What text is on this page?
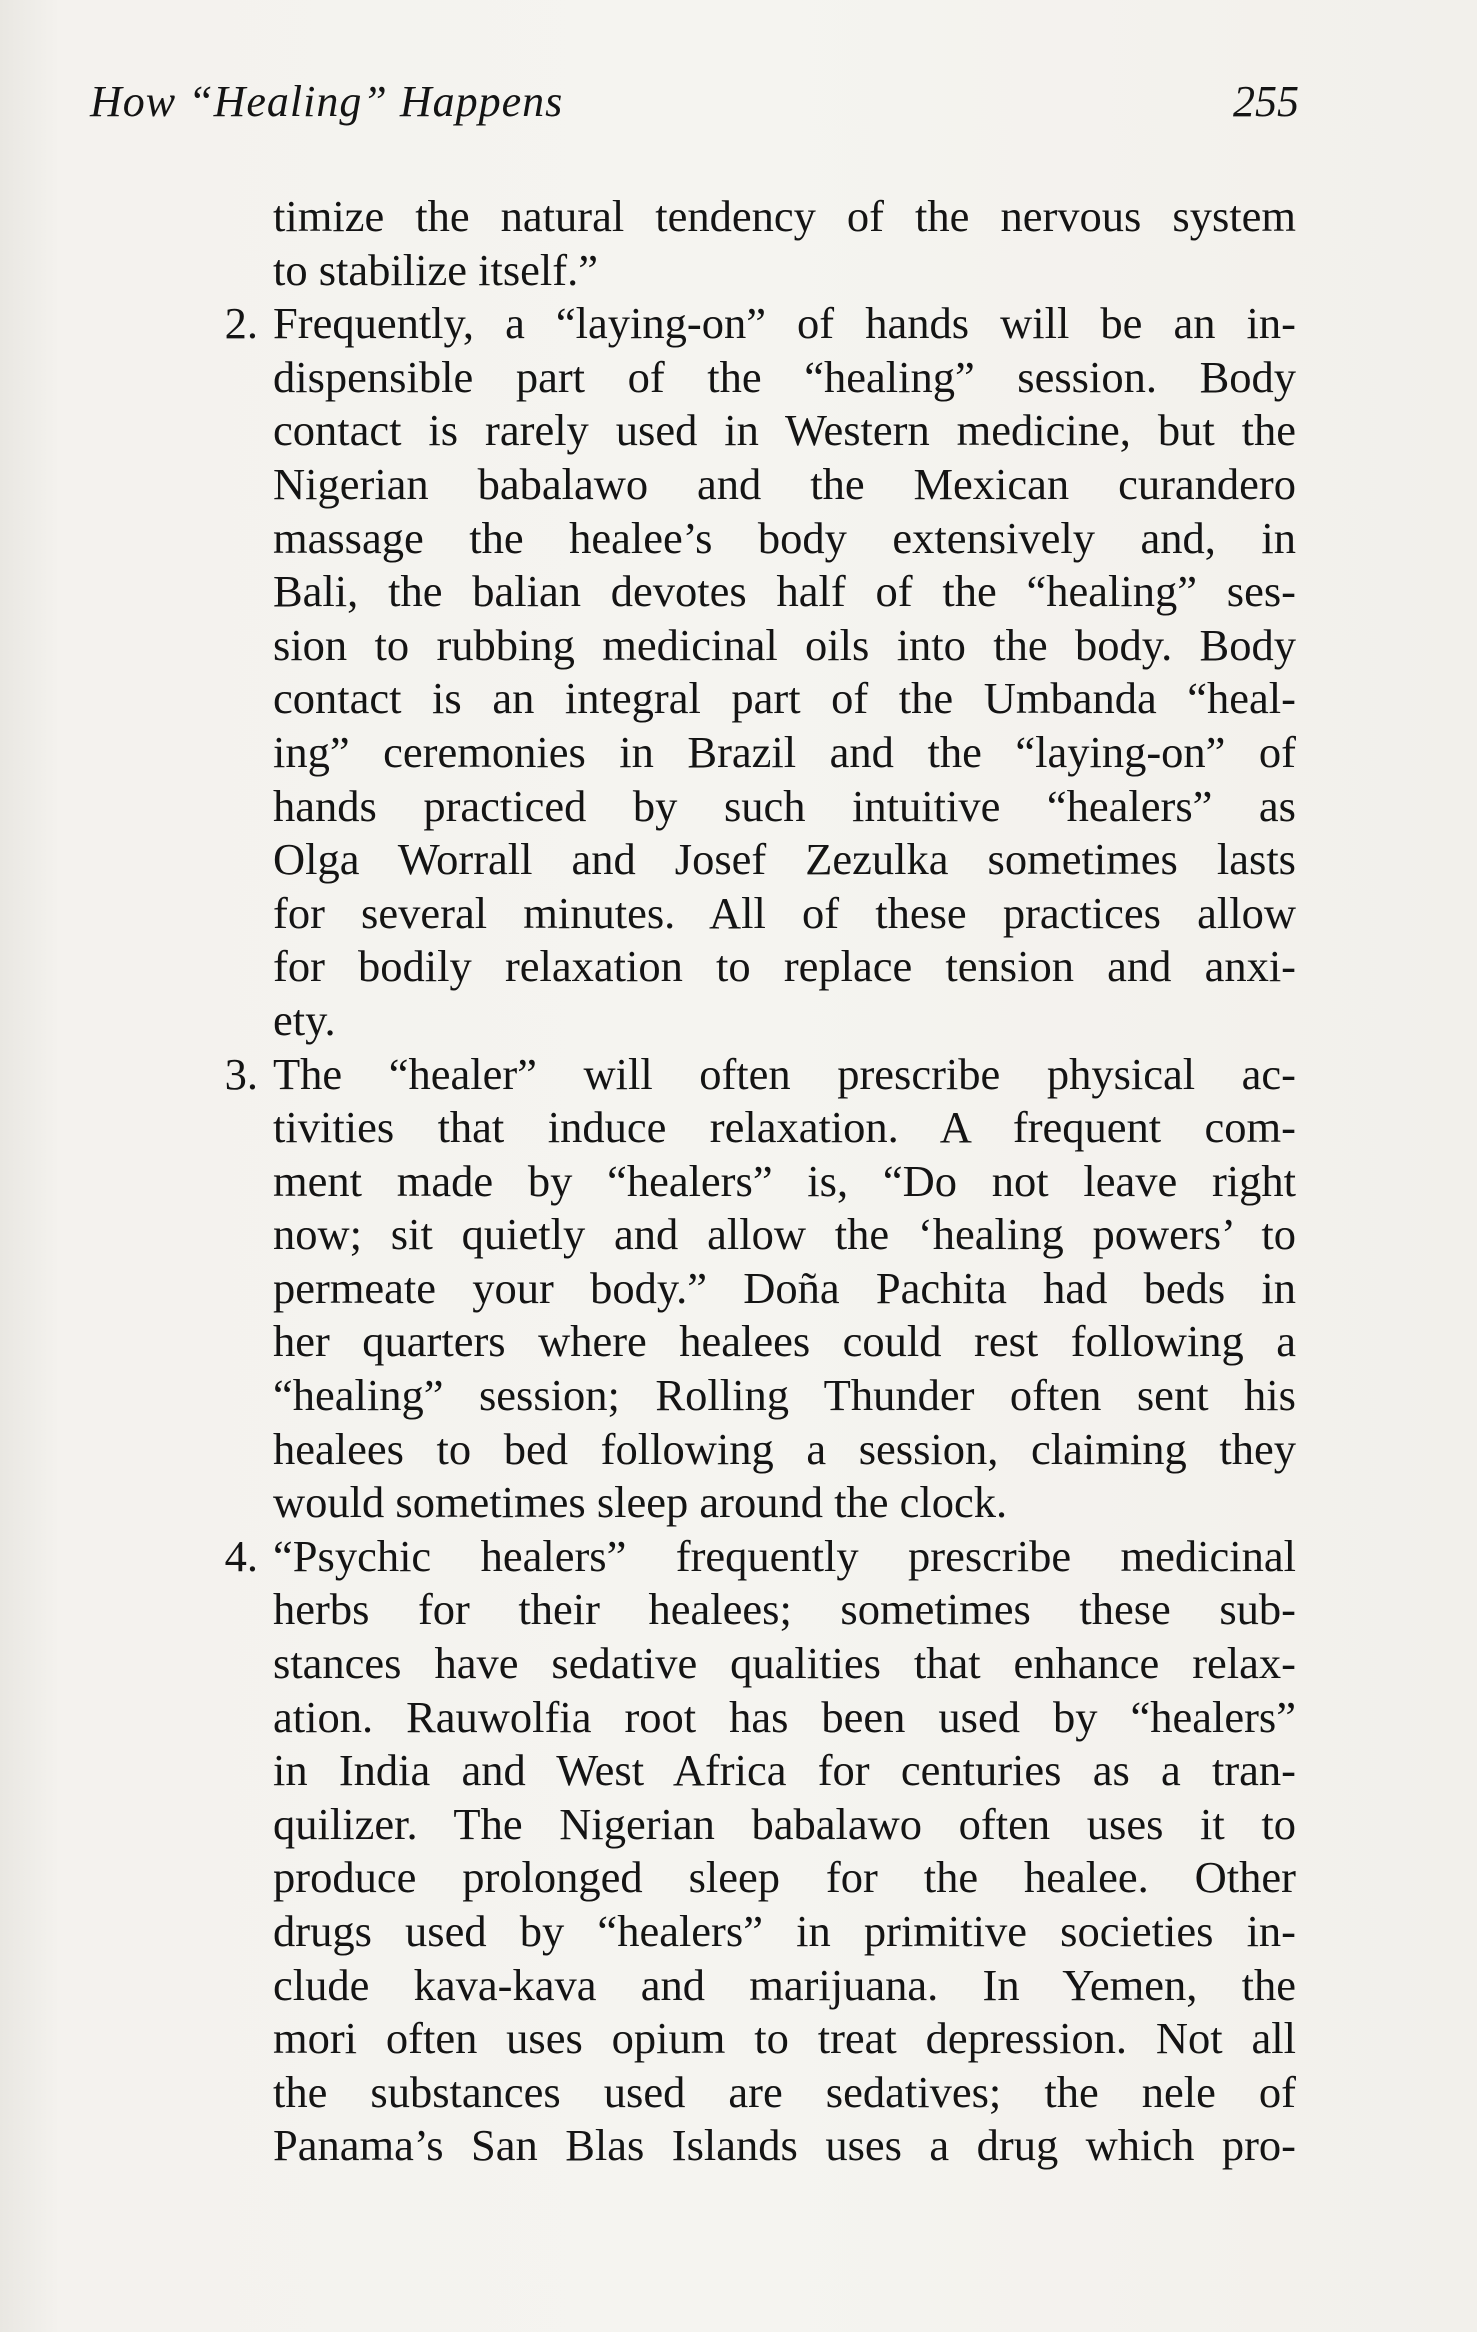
How “Healing” Happens	255
timize the natural tendency of the nervous system
to stabilize itself.”
2. Frequently, a “laying-on” of hands will be an in-
dispensible part of the “healing” session. Body
contact is rarely used in Western medicine, but the
Nigerian babalawo and the Mexican curandero
massage the healee’s body extensively and, in
Bali, the balian devotes half of the “healing” ses-
sion to rubbing medicinal oils into the body. Body
contact is an integral part of the Umbanda “heal-
ing” ceremonies in Brazil and the “laying-on” of
hands practiced by such intuitive “healers” as
Olga Worrall and Josef Zezulka sometimes lasts
for several minutes. All of these practices allow
for bodily relaxation to replace tension and anxi-
ety.
3. The “healer” will often prescribe physical ac-
tivities that induce relaxation. A frequent com-
ment made by “healers” is, “Do not leave right
now; sit quietly and allow the ‘healing powers’ to
permeate your body.” Doña Pachita had beds in
her quarters where healees could rest following a
“healing” session; Rolling Thunder often sent his
healees to bed following a session, claiming they
would sometimes sleep around the clock.
4. “Psychic healers” frequently prescribe medicinal
herbs for their healees; sometimes these sub-
stances have sedative qualities that enhance relax-
ation. Rauwolfia root has been used by “healers”
in India and West Africa for centuries as a tran-
quilizer. The Nigerian babalawo often uses it to
produce prolonged sleep for the healee. Other
drugs used by “healers” in primitive societies in-
clude kava-kava and marijuana. In Yemen, the
mori often uses opium to treat depression. Not all
the substances used are sedatives; the nele of
Panama’s San Blas Islands uses a drug which pro-
